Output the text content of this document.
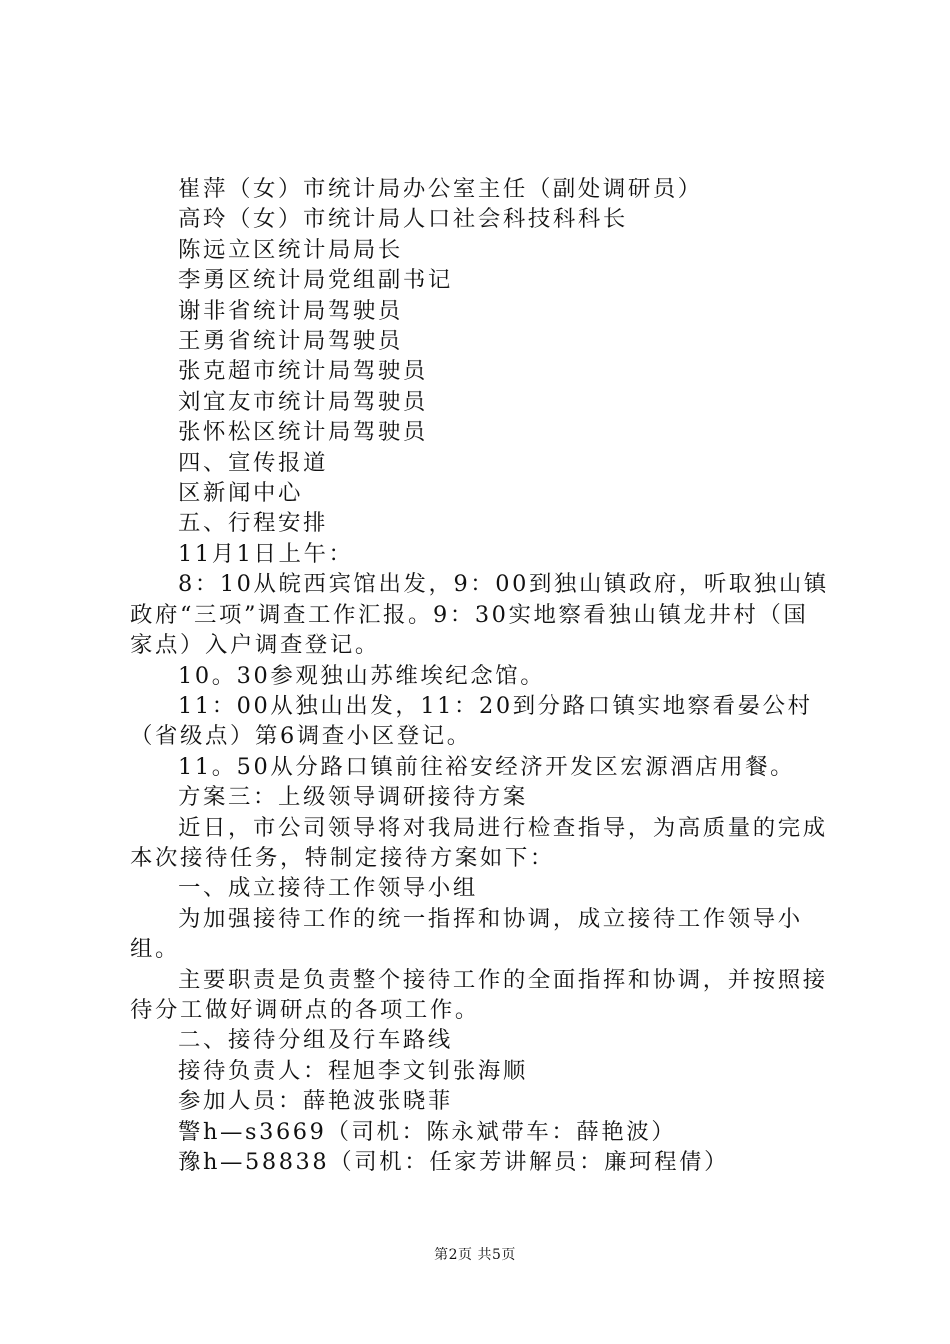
崔萍（女）市统计局办公室主任（副处调研员）

高玲（女）市统计局人口社会科技科科长

陈远立区统计局局长

李勇区统计局党组副书记

谢非省统计局驾驶员

王勇省统计局驾驶员

张克超市统计局驾驶员

刘宜友市统计局驾驶员

张怀松区统计局驾驶员

四、宣传报道

区新闻中心

五、行程安排

11月1日上午：

8：10从皖西宾馆出发，9：00到独山镇政府，听取独山镇政府“三项”调查工作汇报。9：30实地察看独山镇龙井村（国家点）入户调查登记。

10。30参观独山苏维埃纪念馆。

11：00从独山出发，11：20到分路口镇实地察看晏公村（省级点）第6调查小区登记。

11。50从分路口镇前往裕安经济开发区宏源酒店用餐。

方案三：上级领导调研接待方案

近日，市公司领导将对我局进行检查指导，为高质量的完成本次接待任务，特制定接待方案如下：

一、成立接待工作领导小组

为加强接待工作的统一指挥和协调，成立接待工作领导小组。

主要职责是负责整个接待工作的全面指挥和协调，并按照接待分工做好调研点的各项工作。

二、接待分组及行车路线

接待负责人：程旭李文钊张海顺

参加人员：薛艳波张晓菲

警h—s3669（司机：陈永斌带车：薛艳波）

豫h—58838（司机：任家芳讲解员：廉珂程倩）

第2页 共5页
